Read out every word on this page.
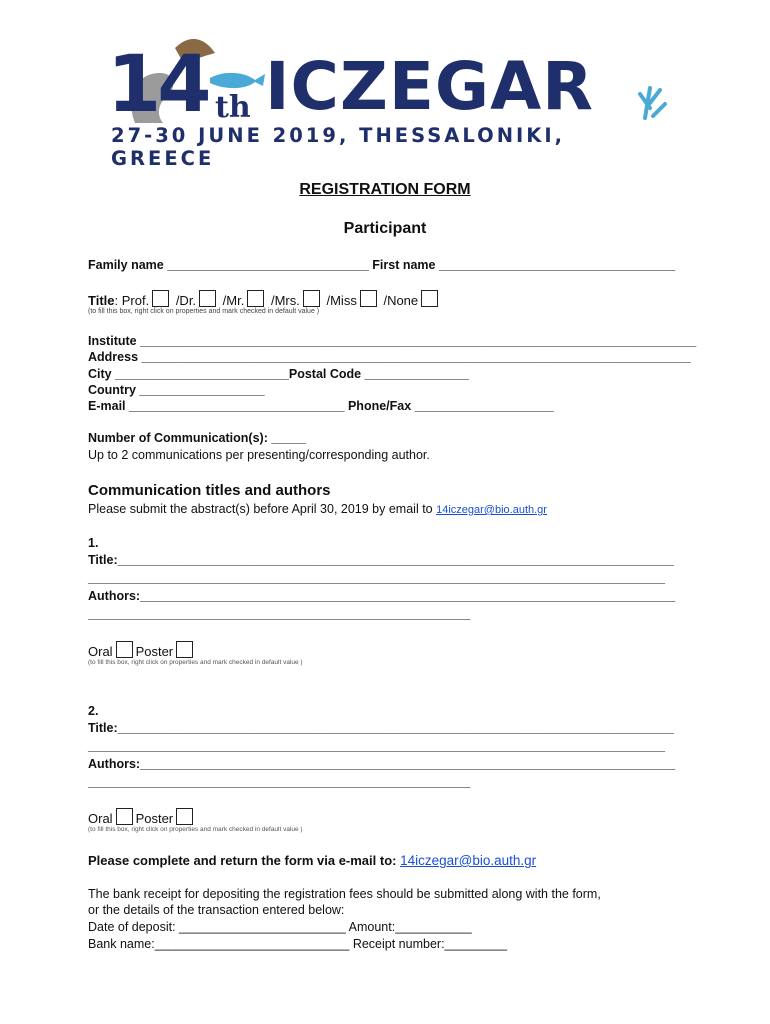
14 th ICZEGAR
27-30 JUNE 2019, THESSALONIKI, GREECE
REGISTRATION FORM
Participant
Family name _____________________________ First name __________________________________
Title: Prof. /Dr. /Mr. /Mrs. /Miss /None
(to fill this box, right click on properties and mark checked in default value )
Institute ________________________________________________________________________________
Address _______________________________________________________________________________
City _________________________Postal Code _______________
Country __________________
E-mail _______________________________ Phone/Fax ____________________
Number of Communication(s): _____
Up to 2 communications per presenting/corresponding author.
Communication titles and authors
Please submit the abstract(s) before April 30, 2019 by email to 14iczegar@bio.auth.gr
1.
Title:________________________________________________________________________________
___________________________________________________________________________________
Authors:_____________________________________________________________________________
_______________________________________________________
Oral Poster
(to fill this box, right click on properties and mark checked in default value )
2.
Title:________________________________________________________________________________
___________________________________________________________________________________
Authors:_____________________________________________________________________________
_______________________________________________________
Oral Poster
(to fill this box, right click on properties and mark checked in default value )
Please complete and return the form via e-mail to: 14iczegar@bio.auth.gr
The bank receipt for depositing the registration fees should be submitted along with the form,
or the details of the transaction entered below:
Date of deposit: ________________________ Amount:___________
Bank name:____________________________ Receipt number:_________
